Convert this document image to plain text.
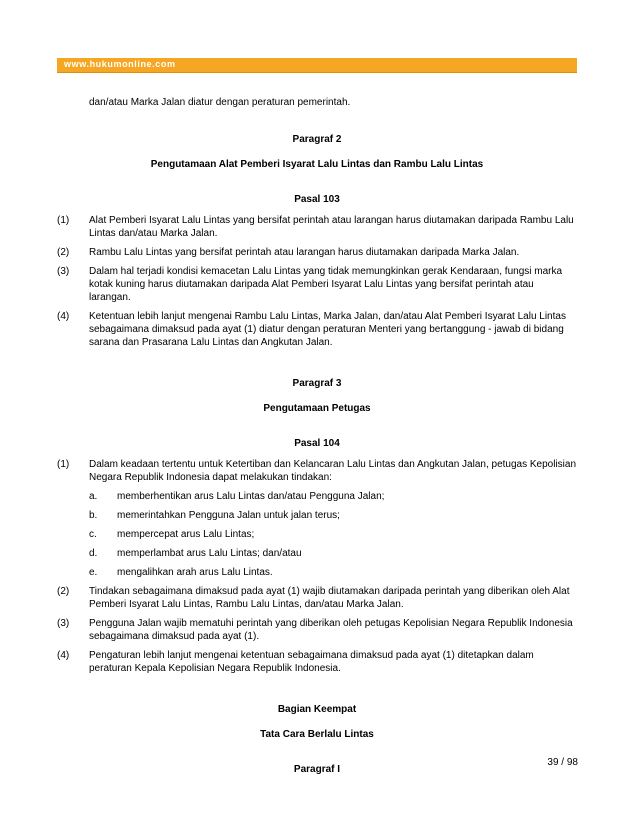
www.hukumonline.com
dan/atau Marka Jalan diatur dengan peraturan pemerintah.
Paragraf 2
Pengutamaan Alat Pemberi Isyarat Lalu Lintas dan Rambu Lalu Lintas
Pasal 103
(1)	Alat Pemberi Isyarat Lalu Lintas yang bersifat perintah atau larangan harus diutamakan daripada Rambu Lalu Lintas dan/atau Marka Jalan.
(2)	Rambu Lalu Lintas yang bersifat perintah atau larangan harus diutamakan daripada Marka Jalan.
(3)	Dalam hal terjadi kondisi kemacetan Lalu Lintas yang tidak memungkinkan gerak Kendaraan, fungsi marka kotak kuning harus diutamakan daripada Alat Pemberi Isyarat Lalu Lintas yang bersifat perintah atau larangan.
(4)	Ketentuan lebih lanjut mengenai Rambu Lalu Lintas, Marka Jalan, dan/atau Alat Pemberi Isyarat Lalu Lintas sebagaimana dimaksud pada ayat (1) diatur dengan peraturan Menteri yang bertanggung - jawab di bidang sarana dan Prasarana Lalu Lintas dan Angkutan Jalan.
Paragraf 3
Pengutamaan Petugas
Pasal 104
(1)	Dalam keadaan tertentu untuk Ketertiban dan Kelancaran Lalu Lintas dan Angkutan Jalan, petugas Kepolisian Negara Republik Indonesia dapat melakukan tindakan:
a.	memberhentikan arus Lalu Lintas dan/atau Pengguna Jalan;
b.	memerintahkan Pengguna Jalan untuk jalan terus;
c.	mempercepat arus Lalu Lintas;
d.	memperlambat arus Lalu Lintas; dan/atau
e.	mengalihkan arah arus Lalu Lintas.
(2)	Tindakan sebagaimana dimaksud pada ayat (1) wajib diutamakan daripada perintah yang diberikan oleh Alat Pemberi Isyarat Lalu Lintas, Rambu Lalu Lintas, dan/atau Marka Jalan.
(3)	Pengguna Jalan wajib mematuhi perintah yang diberikan oleh petugas Kepolisian Negara Republik Indonesia sebagaimana dimaksud pada ayat (1).
(4)	Pengaturan lebih lanjut mengenai ketentuan sebagaimana dimaksud pada ayat (1) ditetapkan dalam peraturan Kepala Kepolisian Negara Republik Indonesia.
Bagian Keempat
Tata Cara Berlalu Lintas
Paragraf I
39 / 98
